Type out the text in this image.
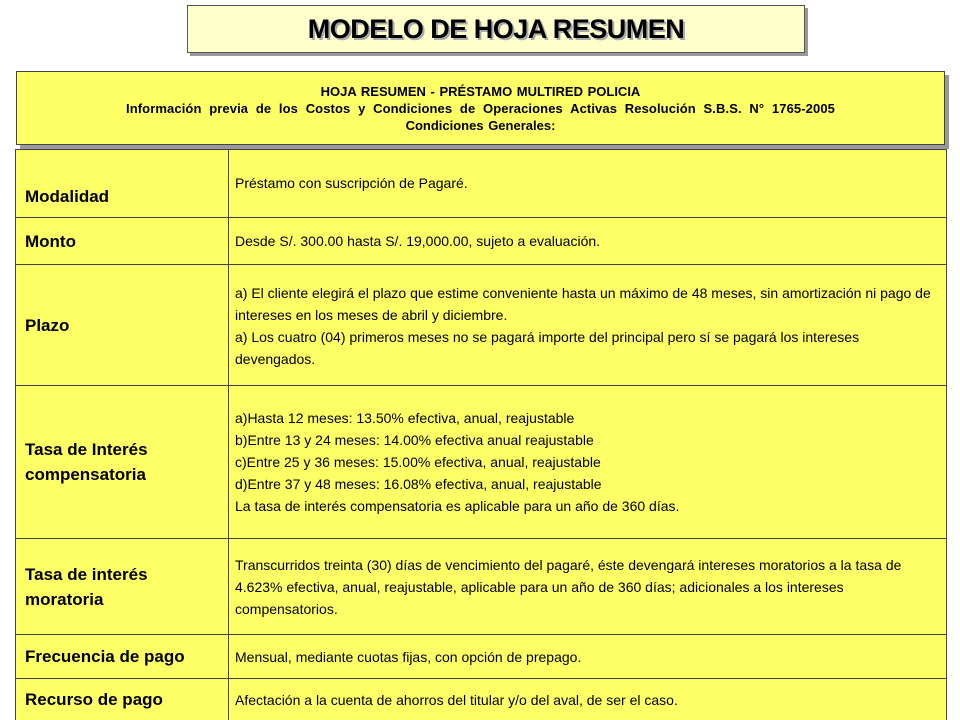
MODELO DE HOJA RESUMEN
HOJA RESUMEN - PRÉSTAMO MULTIRED POLICIA
Información previa de los Costos y Condiciones de Operaciones Activas Resolución S.B.S. N° 1765-2005
Condiciones Generales:
Modalidad	Préstamo con suscripción de Pagaré.
Monto	Desde S/. 300.00 hasta S/. 19,000.00, sujeto a evaluación.
Plazo	a) El cliente elegirá el plazo que estime conveniente hasta un máximo de 48 meses, sin amortización ni pago de intereses en los meses de abril y diciembre.
a) Los cuatro (04) primeros meses no se pagará importe del principal pero sí se pagará los intereses devengados.

Tasa de Interés compensatoria	a)Hasta 12 meses: 13.50% efectiva, anual, reajustable
b)Entre 13 y 24 meses: 14.00% efectiva anual reajustable
c)Entre 25 y 36 meses: 15.00% efectiva, anual, reajustable
d)Entre 37 y 48 meses: 16.08% efectiva, anual, reajustable
La tasa de interés compensatoria es aplicable para un año de 360 días.

Tasa de interés moratoria	Transcurridos treinta (30) días de vencimiento del pagaré, éste devengará intereses moratorios a la tasa de 4.623% efectiva, anual, reajustable, aplicable para un año de 360 días; adicionales a los intereses compensatorios.
Frecuencia de pago	Mensual, mediante cuotas fijas, con opción de prepago.
Recurso de pago	Afectación a la cuenta de ahorros del titular y/o del aval, de ser el caso.
